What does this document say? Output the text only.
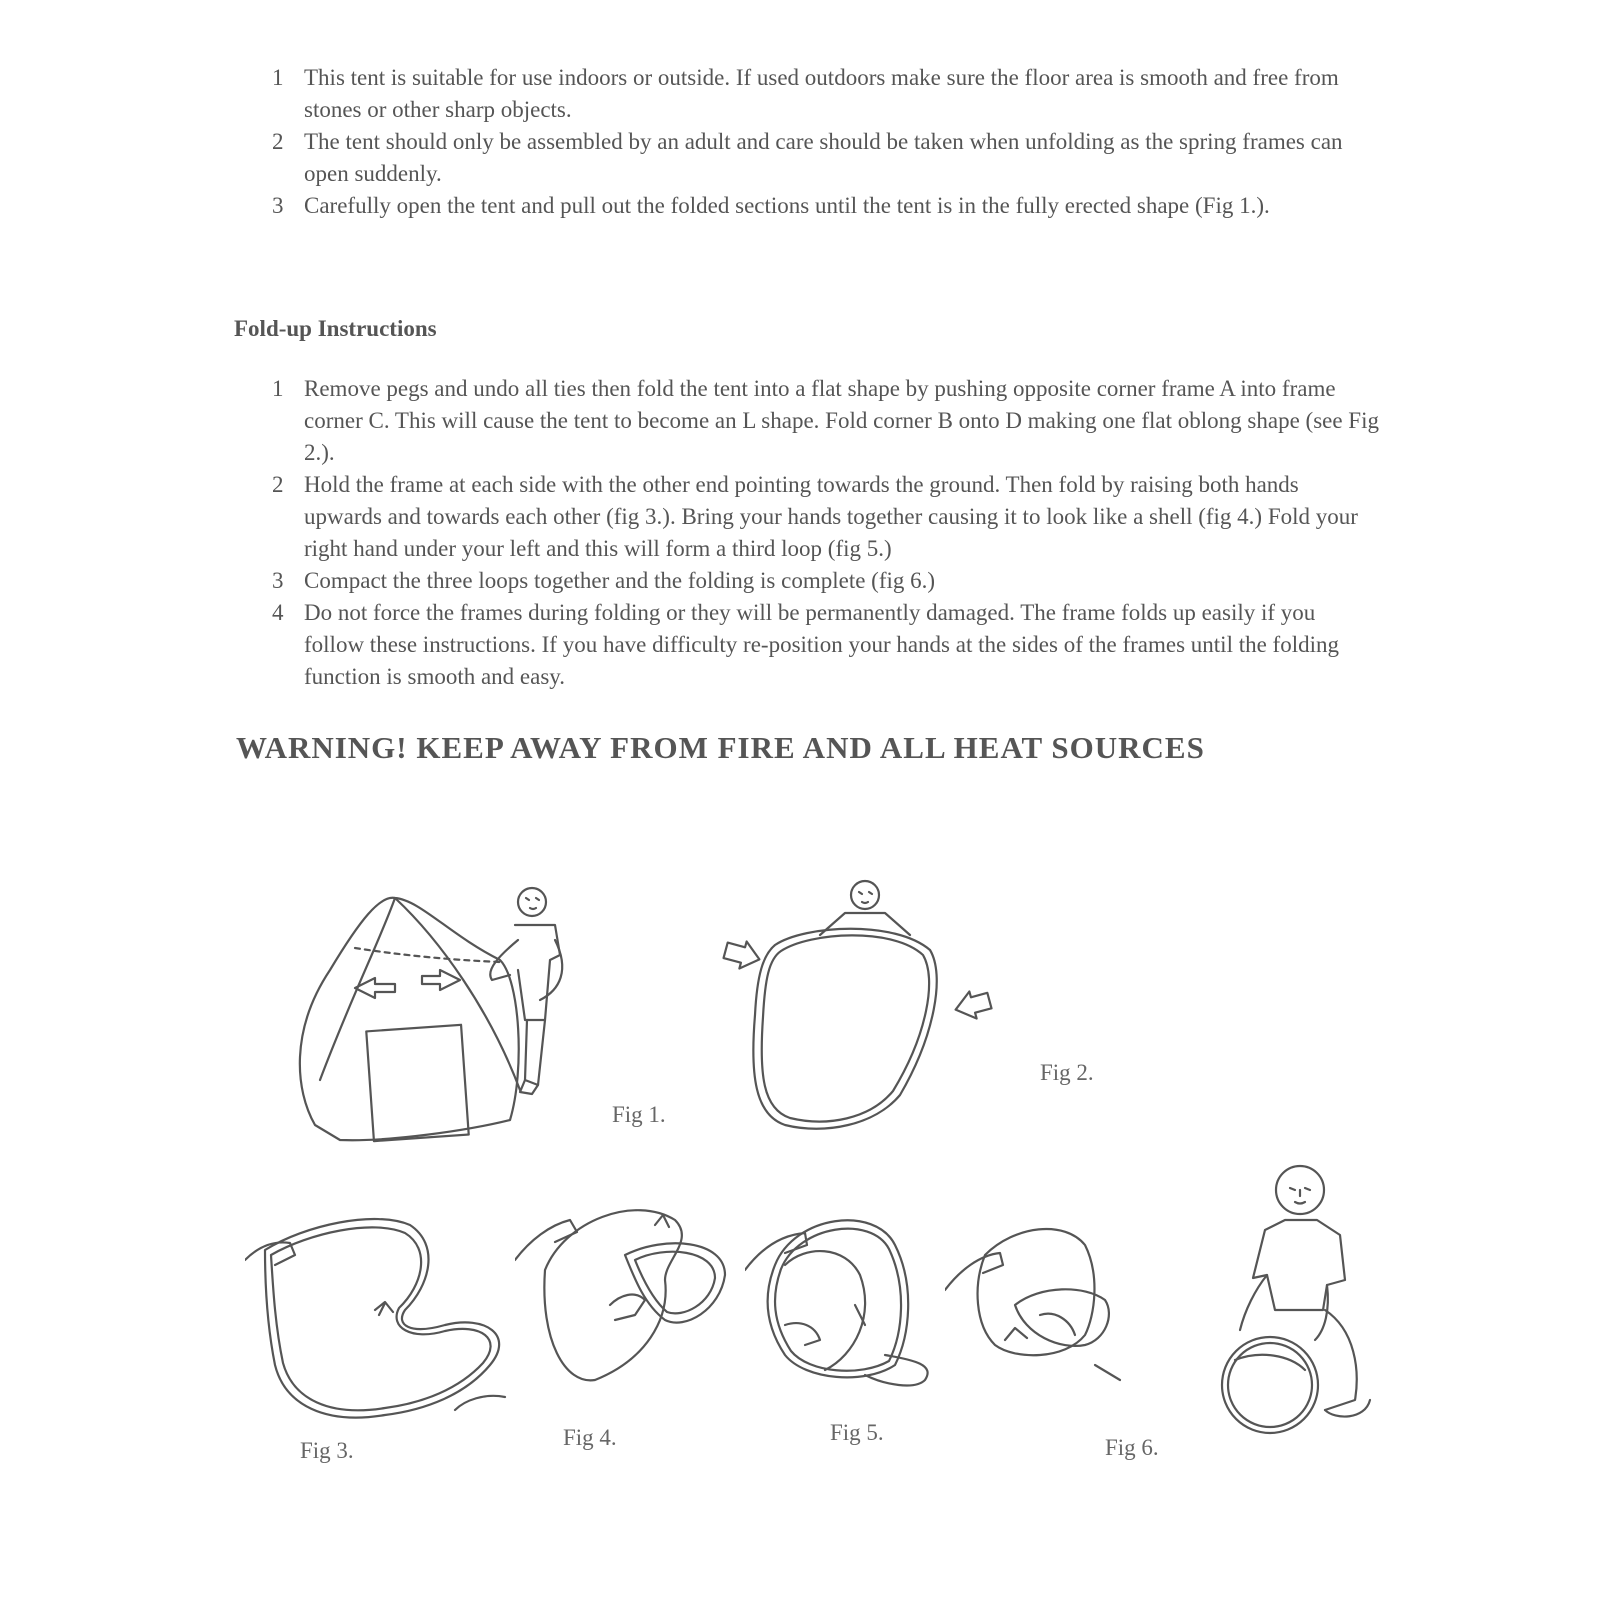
1 This tent is suitable for use indoors or outside. If used outdoors make sure the floor area is smooth and free from stones or other sharp objects.
2 The tent should only be assembled by an adult and care should be taken when unfolding as the spring frames can open suddenly.
3 Carefully open the tent and pull out the folded sections until the tent is in the fully erected shape (Fig 1.).
Fold-up Instructions
1 Remove pegs and undo all ties then fold the tent into a flat shape by pushing opposite corner frame A into frame corner C. This will cause the tent to become an L shape. Fold corner B onto D making one flat oblong shape (see Fig 2.).
2 Hold the frame at each side with the other end pointing towards the ground. Then fold by raising both hands upwards and towards each other (fig 3.). Bring your hands together causing it to look like a shell (fig 4.) Fold your right hand under your left and this will form a third loop (fig 5.)
3 Compact the three loops together and the folding is complete (fig 6.)
4 Do not force the frames during folding or they will be permanently damaged. The frame folds up easily if you follow these instructions. If you have difficulty re-position your hands at the sides of the frames until the folding function is smooth and easy.
WARNING! KEEP AWAY FROM FIRE AND ALL HEAT SOURCES
Fig 1.
Fig 2.
Fig 3.
Fig 4.	Fig 5.
Fig 6.
